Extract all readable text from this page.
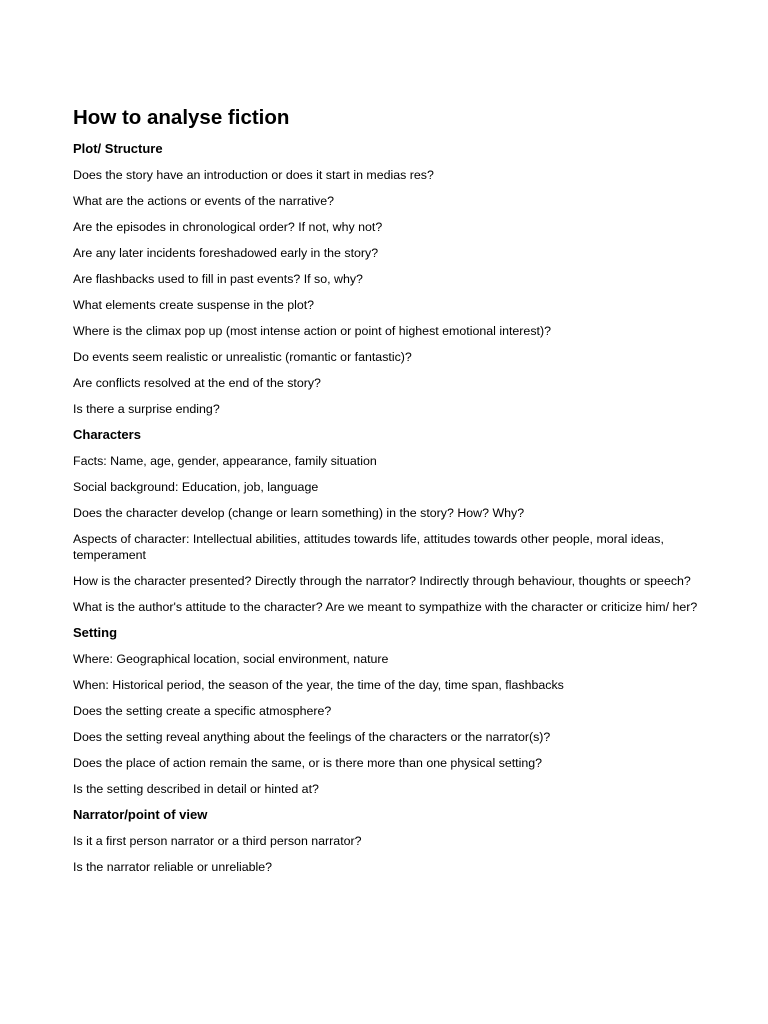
How to analyse fiction
Plot/ Structure

Does the story have an introduction or does it start in medias res?

What are the actions or events of the narrative?

Are the episodes in chronological order? If not, why not?

Are any later incidents foreshadowed early in the story?

Are flashbacks used to fill in past events? If so, why?

What elements create suspense in the plot?

Where is the climax pop up (most intense action or point of highest emotional interest)?

Do events seem realistic or unrealistic (romantic or fantastic)?

Are conflicts resolved at the end of the story?

Is there a surprise ending?

Characters

Facts: Name, age, gender, appearance, family situation

Social background: Education, job, language

Does the character develop (change or learn something) in the story? How? Why?

Aspects of character: Intellectual abilities, attitudes towards life, attitudes towards other people, moral ideas, temperament

How is the character presented? Directly through the narrator? Indirectly through behaviour, thoughts or speech?

What is the author's attitude to the character? Are we meant to sympathize with the character or criticize him/ her?

Setting

Where: Geographical location, social environment, nature

When: Historical period, the season of the year, the time of the day, time span, flashbacks

Does the setting create a specific atmosphere?

Does the setting reveal anything about the feelings of the characters or the narrator(s)?

Does the place of action remain the same, or is there more than one physical setting?

Is the setting described in detail or hinted at?

Narrator/point of view

Is it a first person narrator or a third person narrator?

Is the narrator reliable or unreliable?
